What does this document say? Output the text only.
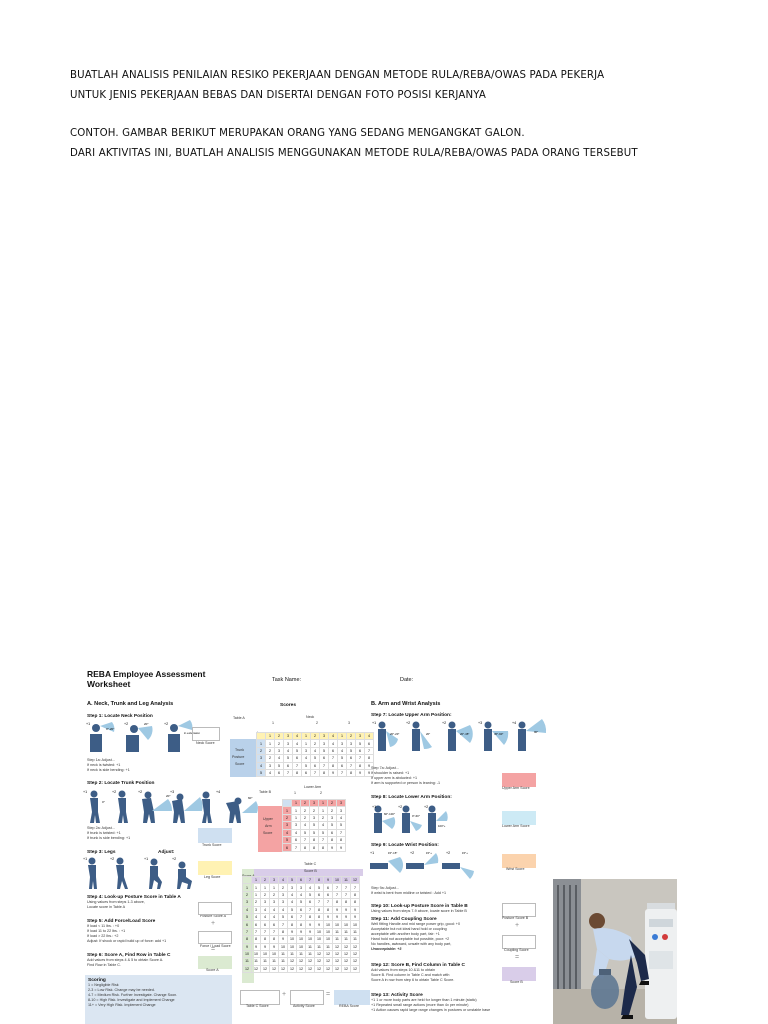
BUATLAH ANALISIS PENILAIAN RESIKO PEKERJAAN DENGAN METODE RULA/REBA/OWAS PADA PEKERJA
UNTUK JENIS PEKERJAAN BEBAS DAN DISERTAI DENGAN FOTO POSISI KERJANYA
CONTOH. GAMBAR BERIKUT MERUPAKAN ORANG YANG SEDANG MENGANGKAT GALON.
DARI AKTIVITAS INI, BUATLAH ANALISIS MENGGUNAKAN METODE RULA/REBA/OWAS PADA ORANG TERSEBUT
REBA Employee Assessment
Worksheet	Task Name:	Date:
A. Neck, Trunk and Leg Analysis
Step 1: Locate Neck Position
+1
0°-20°
+2	20°	+2
in extension
Neck Score
Step 1a: Adjust...
If neck is twisted: +1
If neck is side bending: +1
Step 2: Locate Trunk Position
+1	+2	+2	+3	+4
0°
20°	60°
Step 2a: Adjust...
If trunk is twisted: +1
If trunk is side bending: +1
Trunk Score
Step 3: Legs	Adjust:
+1	+2	+1	+2
Leg Score
Step 4: Look-up Posture Score in Table A
Using values from steps 1-3 above,
Locate score in Table A
Posture Score A
+
Step 5: Add Force/Load Score
If load < 11 lbs. : +0
If load 11 to 22 lbs. : +1
If load > 22 lbs.: +2
Adjust: If shock or rapid build up of force: add +1
Force / Load Score
=
Step 6: Score A, Find Row in Table C
Add values from steps 4 & 5 to obtain Score A.
Find Row in Table C.
Score A
Scoring
1 = Negligible Risk
2-3 = Low Risk. Change may be needed.
4-7 = Medium Risk. Further Investigate. Change Soon.
8-10 = High Risk. Investigate and Implement Change
11+ = Very High Risk. Implement Change
Scores
Table A	Neck
1	2	3
Trunk
Posture
Score
	1	2	3	4	1	2	3	4	1	2	3	4
1	1	2	3	4	1	2	3	4	3	3	5	6
2	2	3	4	5	3	4	5	6	4	5	6	7
3	2	4	5	6	4	5	6	7	5	6	7	8
4	3	5	6	7	5	6	7	8	6	7	8	9
5	4	6	7	8	6	7	8	9	7	8	9	9
Table B
Lower Arm
1	2
Upper
Arm
Score
	1	2	3	1	2	3
1	1	2	2	1	2	3
2	1	2	3	2	3	4
3	3	4	5	4	5	5
4	4	5	5	5	6	7
5	6	7	8	7	8	8
6	7	8	8	8	9	9
Table C
Score B
	1	2	3	4	5	6	7	8	9	10	11	12
1	1	1	1	2	3	3	4	5	6	7	7	7
2	1	2	2	3	4	4	5	6	6	7	7	8
3	2	3	3	3	4	5	6	7	7	8	8	8
4	3	4	4	4	5	6	7	8	8	9	9	9
5	4	4	4	5	6	7	8	8	9	9	9	9
6	6	6	6	7	8	8	9	9	10	10	10	10
7	7	7	7	8	9	9	9	10	10	11	11	11
8	8	8	8	9	10	10	10	10	10	11	11	11
9	9	9	9	10	10	10	11	11	11	12	12	12
10	10	10	10	11	11	11	11	12	12	12	12	12
11	11	11	11	11	12	12	12	12	12	12	12	12
12	12	12	12	12	12	12	12	12	12	12	12	12
Table C Score
+
Activity Score
=
REBA Score
B. Arm and Wrist Analysis
Step 7: Locate Upper Arm Position:
+1	+2	+2	+3	+4
20°-20°	20°	20°-45°	45°-90°	90°
Step 7a: Adjust...
If shoulder is raised: +1
If upper arm is abducted: +1
If arm is supported or person is leaning: -1
Upper Arm Score
Step 8: Locate Lower Arm Position:
+1	+2	+2
60°-100°	0°-60°
100°+	Lower Arm Score
Step 9: Locate Wrist Position:
+1	+2	+2
15°-15°	15°+	15°+
Wrist Score
Step 9a: Adjust...
If wrist is bent from midline or twisted : Add +1
Step 10: Look-up Posture Score in Table B
Using values from steps 7-9 above, locate score in Table B
Posture Score B
+
Step 11: Add Coupling Score
Well fitting Handle and mid range power grip, good: +0
Acceptable but not ideal hand hold or coupling
acceptable with another body part, fair: +1
Hand hold not acceptable but possible, poor: +2
No handles, awkward, unsafe with any body part,
Unacceptable: +3	Coupling Score
=
Step 12: Score B, Find Column in Table C
Add values from steps 10 &11 to obtain
Score B. Find column in Table C and match with
Score A in row from step 6 to obtain Table C Score.	Score B
Step 13: Activity Score
+1 1 or more body parts are held for longer than 1 minute (static)
+1 Repeated small range actions (more than 4x per minute)
+1 Action causes rapid large range changes in postures or unstable base
